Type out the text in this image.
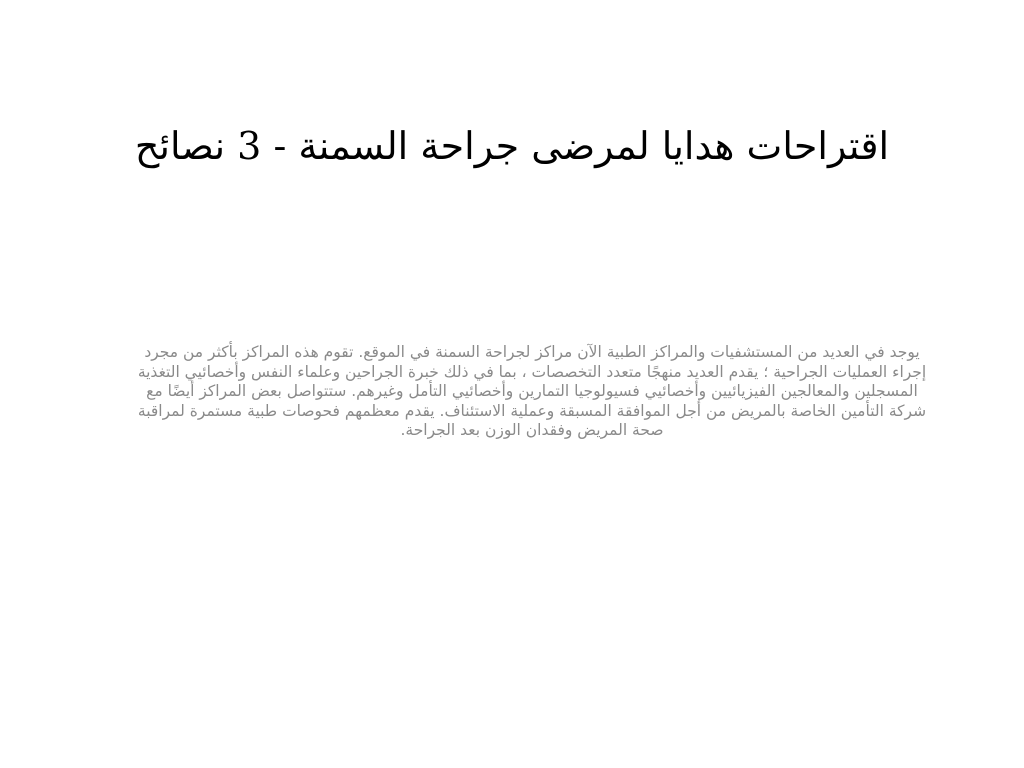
اقتراحات هدايا لمرضى جراحة السمنة - 3 نصائح

يوجد في العديد من المستشفيات والمراكز الطبية الآن مراكز لجراحة السمنة في الموقع. تقوم هذه المراكز بأكثر من مجرد إجراء العمليات الجراحية ؛ يقدم العديد منهجًا متعدد التخصصات ، بما في ذلك خبرة الجراحين وعلماء النفس وأخصائيي التغذية المسجلين والمعالجين الفيزيائيين وأخصائيي فسيولوجيا التمارين وأخصائيي التأمل وغيرهم. ستتواصل بعض المراكز أيضًا مع شركة التأمين الخاصة بالمريض من أجل الموافقة المسبقة وعملية الاستئناف. يقدم معظمهم فحوصات طبية مستمرة لمراقبة صحة المريض وفقدان الوزن بعد الجراحة.
